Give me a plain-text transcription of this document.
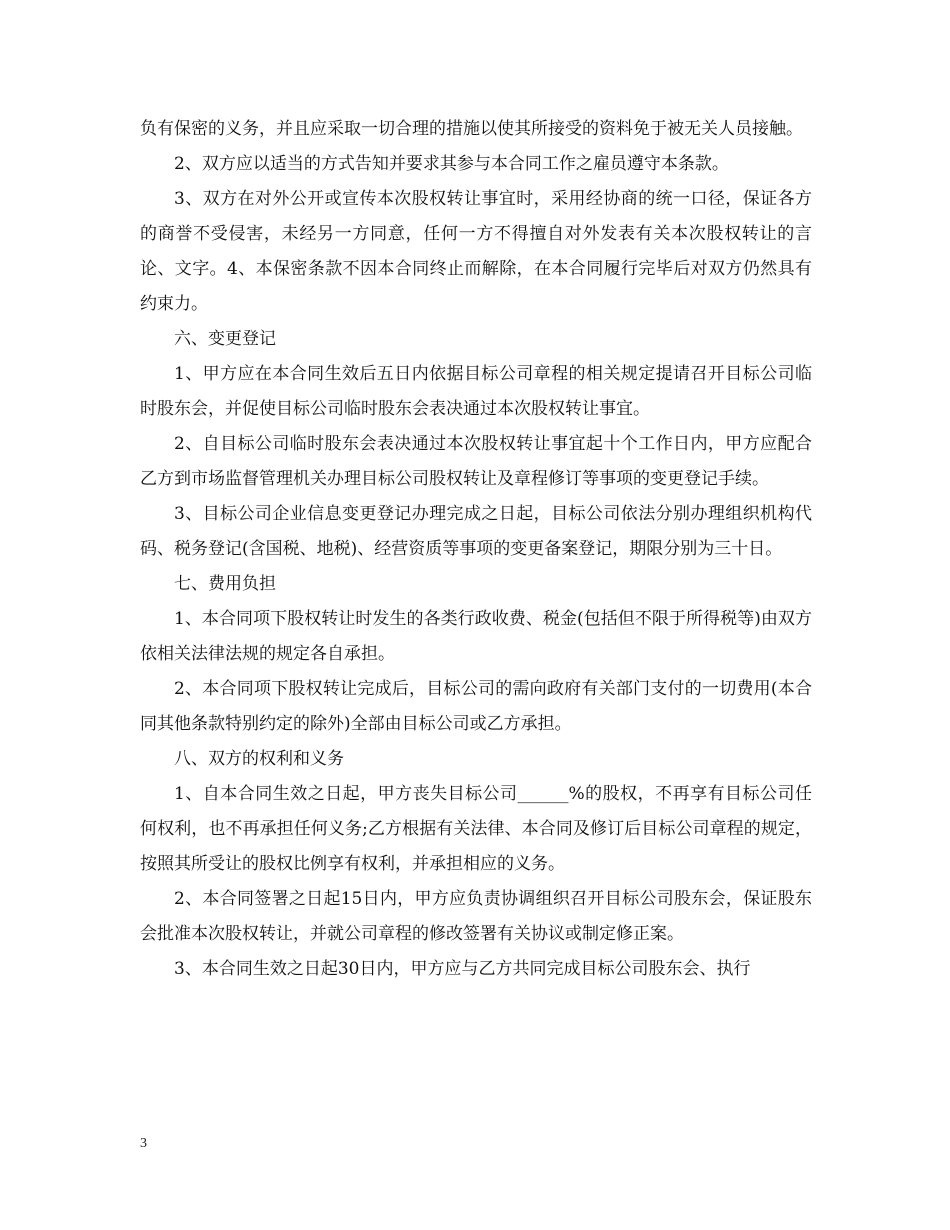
负有保密的义务，并且应采取一切合理的措施以使其所接受的资料免于被无关人员接触。

2、双方应以适当的方式告知并要求其参与本合同工作之雇员遵守本条款。

3、双方在对外公开或宣传本次股权转让事宜时，采用经协商的统一口径，保证各方的商誉不受侵害，未经另一方同意，任何一方不得擅自对外发表有关本次股权转让的言论、文字。4、本保密条款不因本合同终止而解除，在本合同履行完毕后对双方仍然具有约束力。

六、变更登记

1、甲方应在本合同生效后五日内依据目标公司章程的相关规定提请召开目标公司临时股东会，并促使目标公司临时股东会表决通过本次股权转让事宜。

2、自目标公司临时股东会表决通过本次股权转让事宜起十个工作日内，甲方应配合乙方到市场监督管理机关办理目标公司股权转让及章程修订等事项的变更登记手续。

3、目标公司企业信息变更登记办理完成之日起，目标公司依法分别办理组织机构代码、税务登记(含国税、地税)、经营资质等事项的变更备案登记，期限分别为三十日。

七、费用负担

1、本合同项下股权转让时发生的各类行政收费、税金(包括但不限于所得税等)由双方依相关法律法规的规定各自承担。

2、本合同项下股权转让完成后，目标公司的需向政府有关部门支付的一切费用(本合同其他条款特别约定的除外)全部由目标公司或乙方承担。

八、双方的权利和义务

1、自本合同生效之日起，甲方丧失目标公司______%的股权，不再享有目标公司任何权利，也不再承担任何义务;乙方根据有关法律、本合同及修订后目标公司章程的规定，按照其所受让的股权比例享有权利，并承担相应的义务。

2、本合同签署之日起15日内，甲方应负责协调组织召开目标公司股东会，保证股东会批准本次股权转让，并就公司章程的修改签署有关协议或制定修正案。

3、本合同生效之日起30日内，甲方应与乙方共同完成目标公司股东会、执行

3
